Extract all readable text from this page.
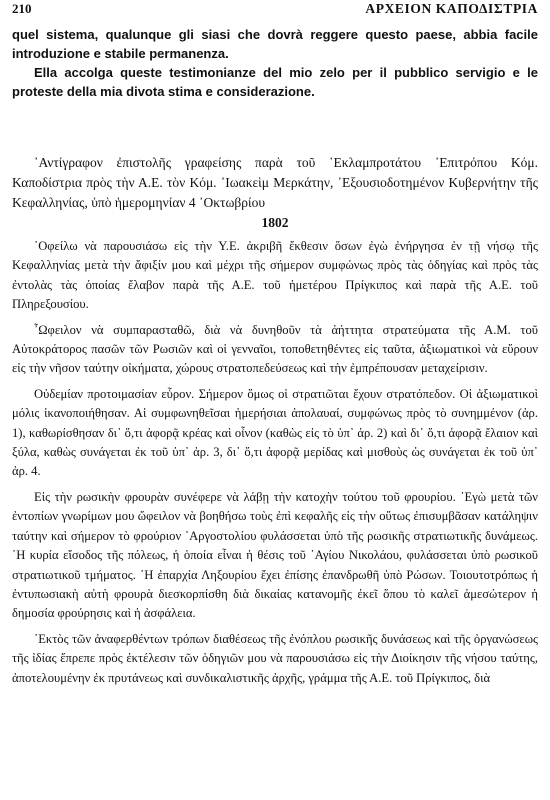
210	ΑΡΧΕΙΟΝ ΚΑΠΟΔΙΣΤΡΙΑ

quel sistema, qualunque gli siasi che dovrà reggere questo paese, abbia facile introduzione e stabile permanenza.

Ella accolga queste testimonianze del mio zelo per il pubblico servigio e le proteste della mia divota stima e considerazione.

᾿Αντίγραφον ἐπιστολῆς γραφείσης παρὰ τοῦ ᾿Εκλαμπροτάτου ᾿Επιτρόπου Κόμ. Καποδίστρια πρὸς τὴν Α.Ε. τὸν Κόμ. ᾿Ιωακεὶμ Μερκάτην, ᾿Εξουσιοδοτημένον Κυβερνήτην τῆς Κεφαλληνίας, ὑπὸ ἡμερομηνίαν 4 ᾿Οκτωβρίου
1802

᾿Οφείλω νὰ παρουσιάσω εἰς τὴν Υ.Ε. ἀκριβῆ ἔκθεσιν ὅσων ἐγὼ ἐνήργησα ἐν τῇ νήσῳ τῆς Κεφαλληνίας μετὰ τὴν ἄφιξίν μου καὶ μέχρι τῆς σήμερον συμφώνως πρὸς τὰς ὁδηγίας καὶ πρὸς τὰς ἐντολὰς τὰς ὁποίας ἔλαβον παρὰ τῆς Α.Ε. τοῦ ἡμετέρου Πρίγκιπος καὶ παρὰ τῆς Α.Ε. τοῦ Πληρεξουσίου.

῏Ωφειλον νὰ συμπαρασταθῶ, διὰ νὰ δυνηθοῦν τὰ ἀήττητα στρατεύματα τῆς Α.Μ. τοῦ Αὐτοκράτορος πασῶν τῶν Ρωσιῶν καὶ οἱ γενναῖοι, τοποθετηθέντες εἰς ταῦτα, ἀξιωματικοὶ νὰ εὕρουν εἰς τὴν νῆσον ταύτην οἰκήματα, χώρους στρατοπεδεύσεως καὶ τὴν ἐμπρέπουσαν μεταχείρισιν.

Οὐδεμίαν προτοιμασίαν εὗρον. Σήμερον ὅμως οἱ στρατιῶται ἔχουν στρατόπεδον. Οἱ ἀξιωματικοὶ μόλις ἱκανοποιήθησαν. Αἱ συμφωνηθεῖσαι ἡμερήσιαι ἀπολαυαί, συμφώνως πρὸς τὸ συνημμένον (ἀρ. 1), καθωρίσθησαν δι᾿ ὅ,τι ἀφορᾷ κρέας καὶ οἶνον (καθὼς εἰς τὸ ὑπ᾿ ἀρ. 2) καὶ δι᾿ ὅ,τι ἀφορᾷ ἔλαιον καὶ ξύλα, καθὼς συνάγεται ἐκ τοῦ ὑπ᾿ ἀρ. 3, δι᾿ ὅ,τι ἀφορᾷ μερίδας καὶ μισθοὺς ὡς συνάγεται ἐκ τοῦ ὑπ᾿ ἀρ. 4.

Εἰς τὴν ρωσικὴν φρουρὰν συνέφερε νὰ λάβῃ τὴν κατοχὴν τούτου τοῦ φρουρίου. ᾿Εγὼ μετὰ τῶν ἐντοπίων γνωρίμων μου ὤφειλον νὰ βοηθήσω τοὺς ἐπὶ κεφαλῆς εἰς τὴν οὕτως ἐπισυμβᾶσαν κατάληψιν ταύτην καὶ σήμερον τὸ φρούριον ᾿Αργοστολίου φυλάσσεται ὑπὸ τῆς ρωσικῆς στρατιωτικῆς δυνάμεως. ῾Η κυρία εἴσοδος τῆς πόλεως, ἡ ὁποία εἶναι ἡ θέσις τοῦ ῾Αγίου Νικολάου, φυλάσσεται ὑπὸ ρωσικοῦ στρατιωτικοῦ τμήματος. ῾Η ἐπαρχία Ληξουρίου ἔχει ἐπίσης ἐπανδρωθῆ ὑπὸ Ρώσων. Τοιουτοτρόπως ἡ ἐντυπωσιακὴ αὐτὴ φρουρὰ διεσκορπίσθη διὰ δικαίας κατανομῆς ἐκεῖ ὅπου τὸ καλεῖ ἀμεσώτερον ἡ δημοσία φρούρησις καὶ ἡ ἀσφάλεια.

᾿Εκτὸς τῶν ἀναφερθέντων τρόπων διαθέσεως τῆς ἐνόπλου ρωσικῆς δυνάσεως καὶ τῆς ὀργανώσεως τῆς ἰδίας ἔπρεπε πρὸς ἐκτέλεσιν τῶν ὁδηγιῶν μου νὰ παρουσιάσω εἰς τὴν Διοίκησιν τῆς νήσου ταύτης, ἀποτελουμένην ἐκ πρυτάνεως καὶ συνδικαλιστικῆς ἀρχῆς, γράμμα τῆς Α.Ε. τοῦ Πρίγκιπος, διὰ
